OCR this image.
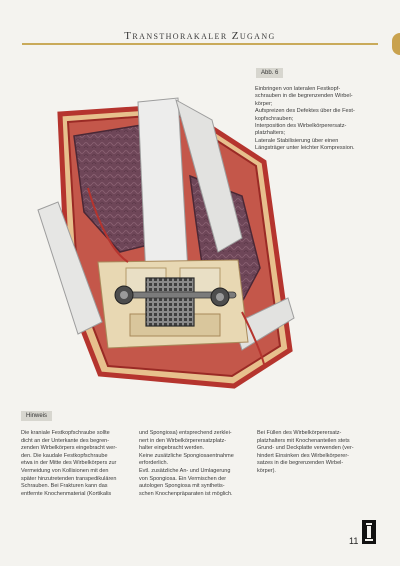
Transthorakaler Zugang
Abb. 6
Einbringen von lateralen Festkopf-
schrauben in die begrenzenden Wirbel-
körper;
Aufspreizen des Defektes über die Fest-
kopfschrauben;
Interposition des Wirbelkörperersatz-
platzhalters;
Laterale Stabilisierung über einen
Längsträger unter leichter Kompression.
Hinweis
Die kraniale Festkopfschraube sollte
dicht an der Unterkante des begren-
zenden Wirbelkörpers eingebracht wer-
den. Die kaudale Festkopfschraube
etwa in der Mitte des Wirbelkörpers zur
Vermeidung von Kollisionen mit den
später hinzutretenden transpedikulären
Schrauben. Bei Frakturen kann das
entfernte Knochenmaterial (Kortikalis
und Spongiosa) entsprechend zerklei-
nert in den Wirbelkörperersatzplatz-
halter eingebracht werden.
Keine zusätzliche Spongiosaentnahme
erforderlich.
Evtl. zusätzliche An- und Umlagerung
von Spongiosa. Ein Vermischen der
autologen Spongiosa mit synthetis-
schen Knochenpräparaten ist möglich.
Bei Füllen des Wirbelkörperersatz-
platzhalters mit Knochenanteilen stets
Grund- und Deckplatte verwenden (ver-
hindert Einsinken des Wirbelkörperer-
satzes in die begrenzenden Wirbel-
körper).
11
